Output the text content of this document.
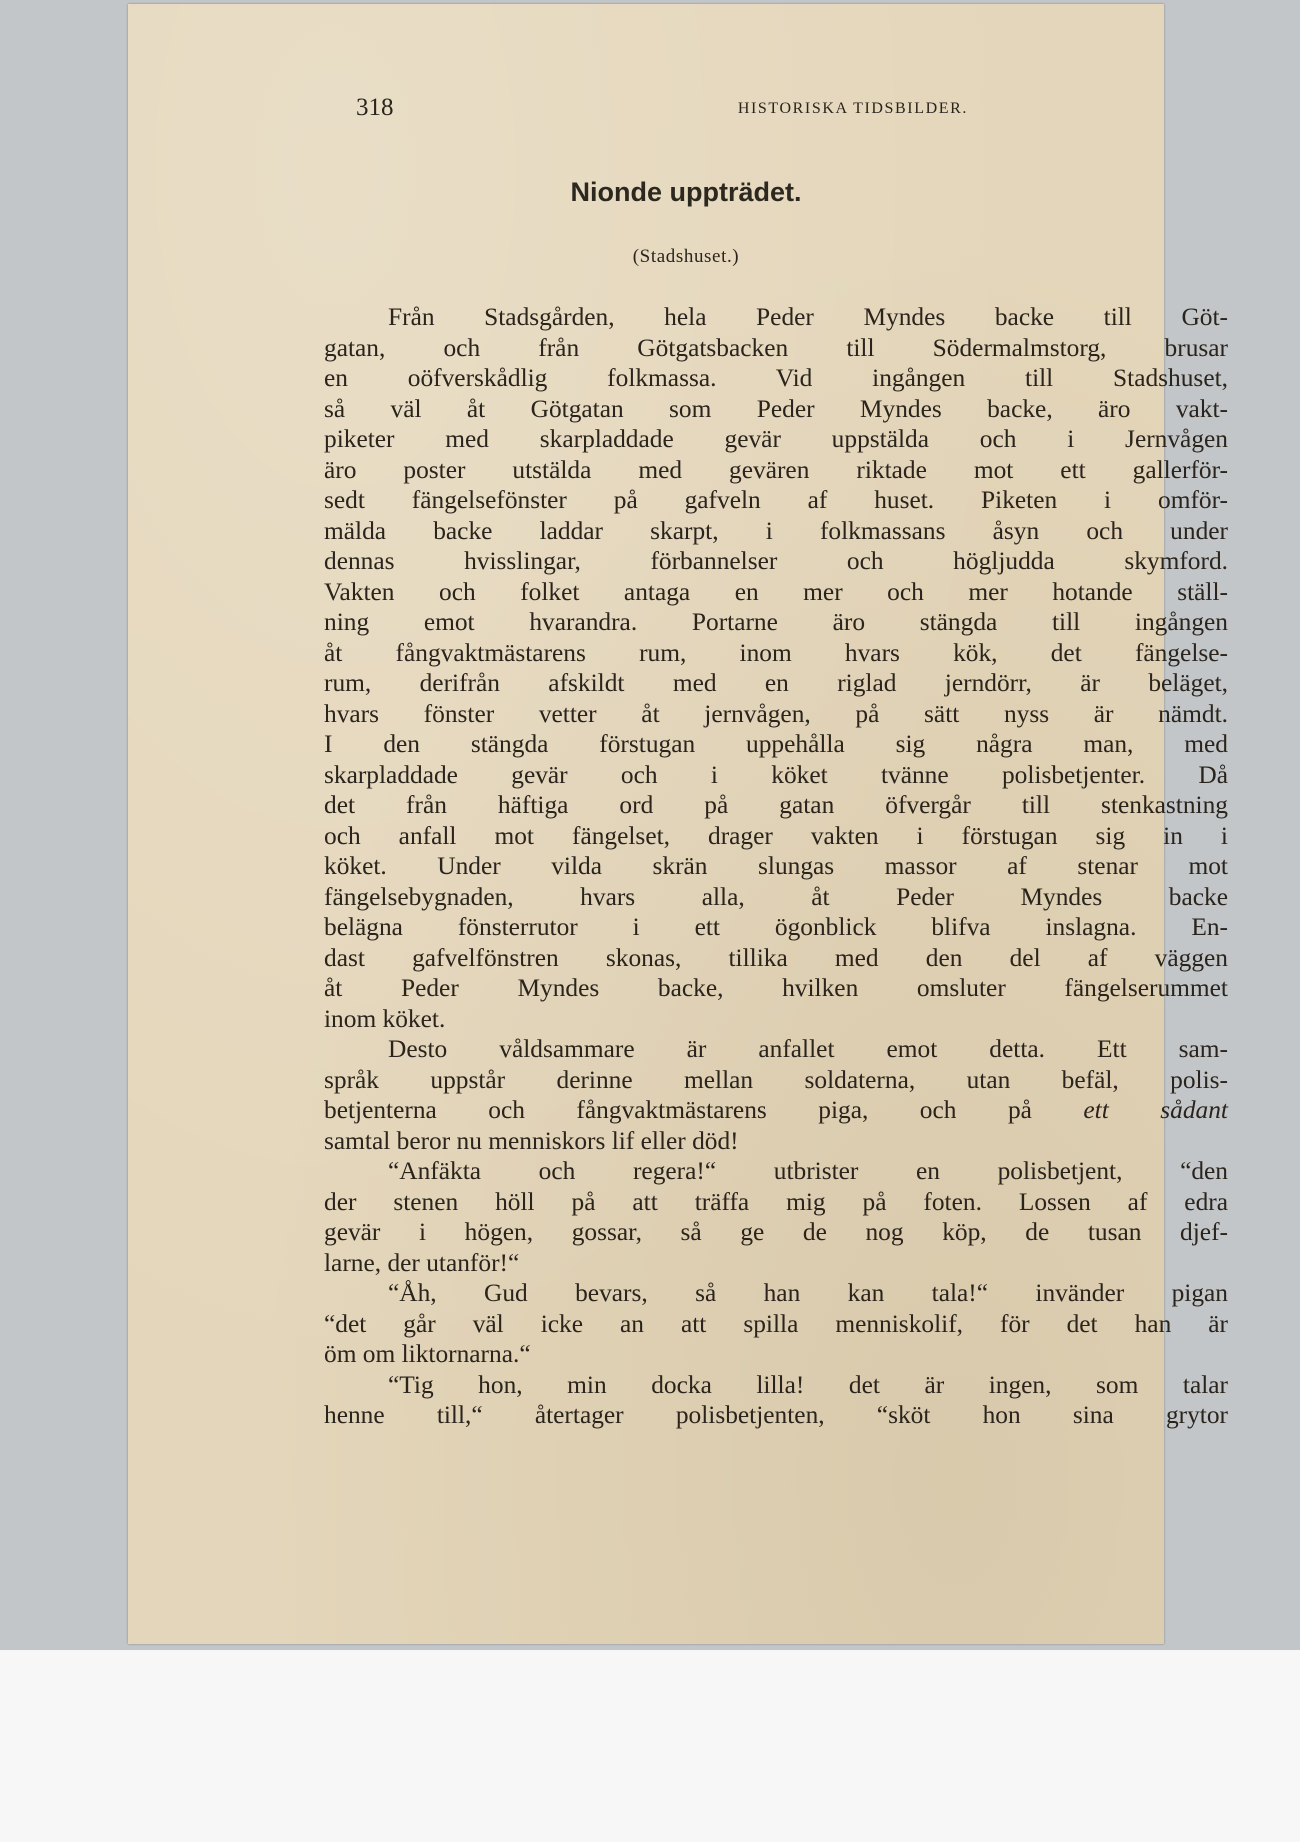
318	HISTORISKA TIDSBILDER.
Nionde uppträdet.
(Stadshuset.)
Från Stadsgården, hela Peder Myndes backe till Göt-
gatan, och från Götgatsbacken till Södermalmstorg, brusar
en oöfverskådlig folkmassa. Vid ingången till Stadshuset,
så väl åt Götgatan som Peder Myndes backe, äro vakt-
piketer med skarpladdade gevär uppstälda och i Jernvågen
äro poster utstälda med gevären riktade mot ett gallerför-
sedt fängelsefönster på gafveln af huset. Piketen i omför-
mälda backe laddar skarpt, i folkmassans åsyn och under
dennas hvisslingar, förbannelser och högljudda skymford.
Vakten och folket antaga en mer och mer hotande ställ-
ning emot hvarandra. Portarne äro stängda till ingången
åt fångvaktmästarens rum, inom hvars kök, det fängelse-
rum, derifrån afskildt med en riglad jerndörr, är beläget,
hvars fönster vetter åt jernvågen, på sätt nyss är nämdt.
I den stängda förstugan uppehålla sig några man, med
skarpladdade gevär och i köket tvänne polisbetjenter. Då
det från häftiga ord på gatan öfvergår till stenkastning
och anfall mot fängelset, drager vakten i förstugan sig in i
köket. Under vilda skrän slungas massor af stenar mot
fängelsebygnaden, hvars alla, åt Peder Myndes backe
belägna fönsterrutor i ett ögonblick blifva inslagna. En-
dast gafvelfönstren skonas, tillika med den del af väggen
åt Peder Myndes backe, hvilken omsluter fängelserummet
inom köket.
Desto våldsammare är anfallet emot detta. Ett sam-
språk uppstår derinne mellan soldaterna, utan befäl, polis-
betjenterna och fångvaktmästarens piga, och på ett sådant
samtal beror nu menniskors lif eller död!
“Anfäkta och regera!“ utbrister en polisbetjent, “den
der stenen höll på att träffa mig på foten. Lossen af edra
gevär i högen, gossar, så ge de nog köp, de tusan djef-
larne, der utanför!“
“Åh, Gud bevars, så han kan tala!“ invänder pigan
“det går väl icke an att spilla menniskolif, för det han är
öm om liktornarna.“
“Tig hon, min docka lilla! det är ingen, som talar
henne till,“ återtager polisbetjenten, “sköt hon sina grytor
